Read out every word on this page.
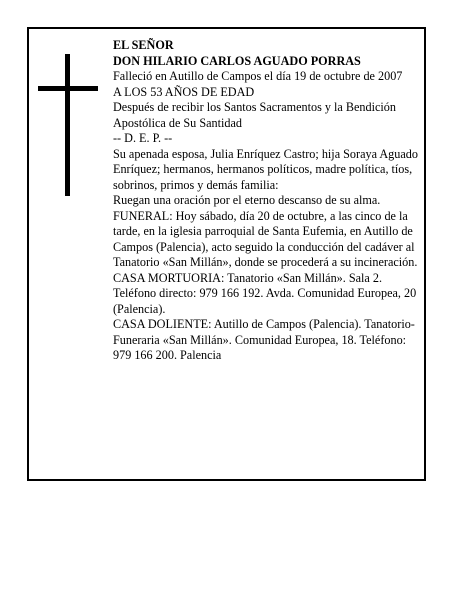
EL SEÑOR

DON HILARIO CARLOS AGUADO PORRAS

Falleció en Autillo de Campos el día 19 de octubre de 2007

A LOS 53 AÑOS DE EDAD

Después de recibir los Santos Sacramentos y la Bendición Apostólica de Su Santidad

-- D. E. P. --

Su apenada esposa, Julia Enríquez Castro; hija Soraya Aguado Enríquez; hermanos, hermanos políticos, madre política, tíos, sobrinos, primos y demás familia:

Ruegan una oración por el eterno descanso de su alma.

FUNERAL: Hoy sábado, día 20 de octubre, a las cinco de la tarde, en la iglesia parroquial de Santa Eufemia, en Autillo de Campos (Palencia), acto seguido la conducción del cadáver al Tanatorio «San Millán», donde se procederá a su incineración.

CASA MORTUORIA: Tanatorio «San Millán». Sala 2. Teléfono directo: 979 166 192. Avda. Comunidad Europea, 20 (Palencia).

CASA DOLIENTE: Autillo de Campos (Palencia). Tanatorio-Funeraria «San Millán». Comunidad Europea, 18. Teléfono: 979 166 200. Palencia
